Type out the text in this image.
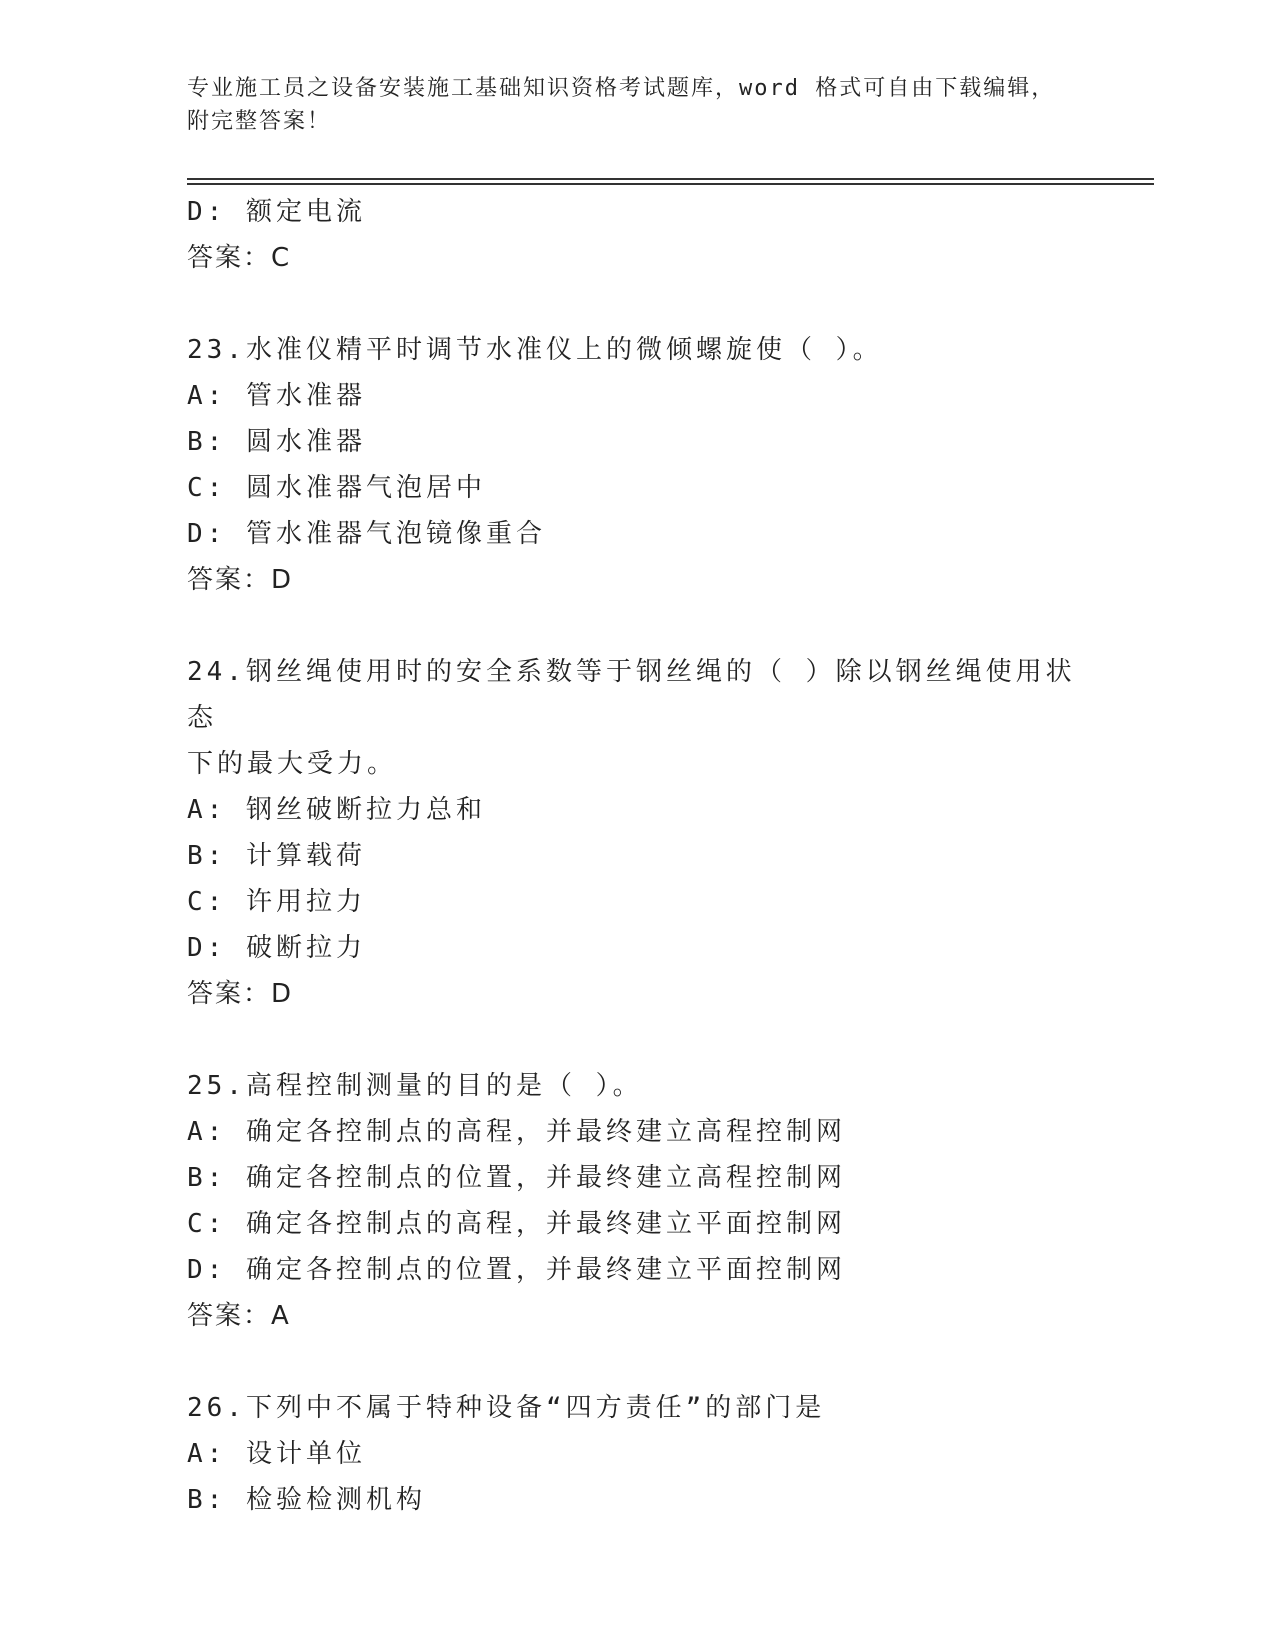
专业施工员之设备安装施工基础知识资格考试题库，word 格式可自由下载编辑，
附完整答案！
D: 额定电流
答案：C
23.水准仪精平时调节水准仪上的微倾螺旋使（ ）。
A: 管水准器
B: 圆水准器
C: 圆水准器气泡居中
D: 管水准器气泡镜像重合
答案：D
24.钢丝绳使用时的安全系数等于钢丝绳的（ ）除以钢丝绳使用状态
下的最大受力。
A: 钢丝破断拉力总和
B: 计算载荷
C: 许用拉力
D: 破断拉力
答案：D
25.高程控制测量的目的是（ ）。
A: 确定各控制点的高程，并最终建立高程控制网
B: 确定各控制点的位置，并最终建立高程控制网
C: 确定各控制点的高程，并最终建立平面控制网
D: 确定各控制点的位置，并最终建立平面控制网
答案：A
26.下列中不属于特种设备“四方责任”的部门是
A: 设计单位
B: 检验检测机构
